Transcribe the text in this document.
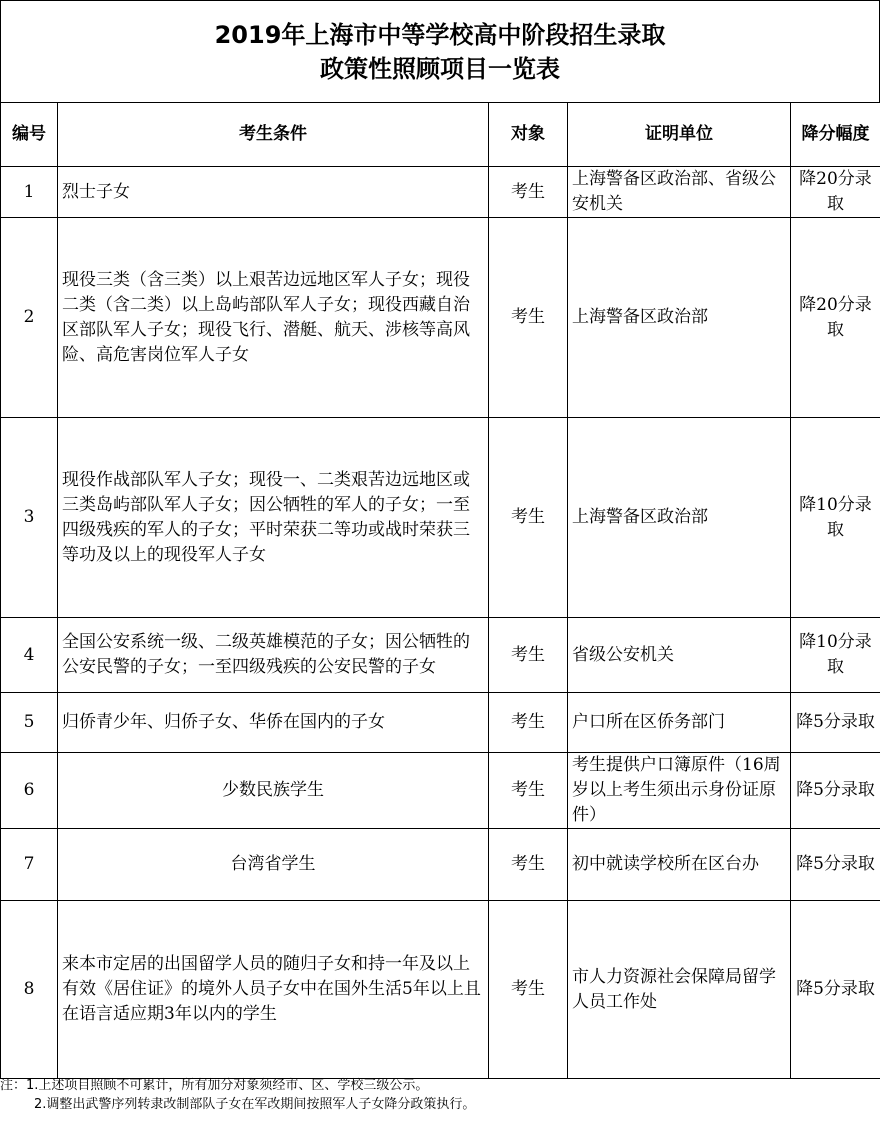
2019年上海市中等学校高中阶段招生录取
政策性照顾项目一览表
编号	考生条件	对象	证明单位	降分幅度
1	烈士子女	考生	上海警备区政治部、省级公安机关	降20分录取
2	现役三类（含三类）以上艰苦边远地区军人子女；现役二类（含二类）以上岛屿部队军人子女；现役西藏自治区部队军人子女；现役飞行、潜艇、航天、涉核等高风险、高危害岗位军人子女	考生	上海警备区政治部	降20分录取
3	现役作战部队军人子女；现役一、二类艰苦边远地区或三类岛屿部队军人子女；因公牺牲的军人的子女；一至四级残疾的军人的子女；平时荣获二等功或战时荣获三等功及以上的现役军人子女	考生	上海警备区政治部	降10分录取
4	全国公安系统一级、二级英雄模范的子女；因公牺牲的公安民警的子女；一至四级残疾的公安民警的子女	考生	省级公安机关	降10分录取
5	归侨青少年、归侨子女、华侨在国内的子女	考生	户口所在区侨务部门	降5分录取
6	少数民族学生	考生	考生提供户口簿原件（16周岁以上考生须出示身份证原件）	降5分录取
7	台湾省学生	考生	初中就读学校所在区台办	降5分录取
8	来本市定居的出国留学人员的随归子女和持一年及以上有效《居住证》的境外人员子女中在国外生活5年以上且在语言适应期3年以内的学生	考生	市人力资源社会保障局留学人员工作处	降5分录取
注：1.上述项目照顾不可累计，所有加分对象须经市、区、学校三级公示。
2.调整出武警序列转隶改制部队子女在军改期间按照军人子女降分政策执行。
